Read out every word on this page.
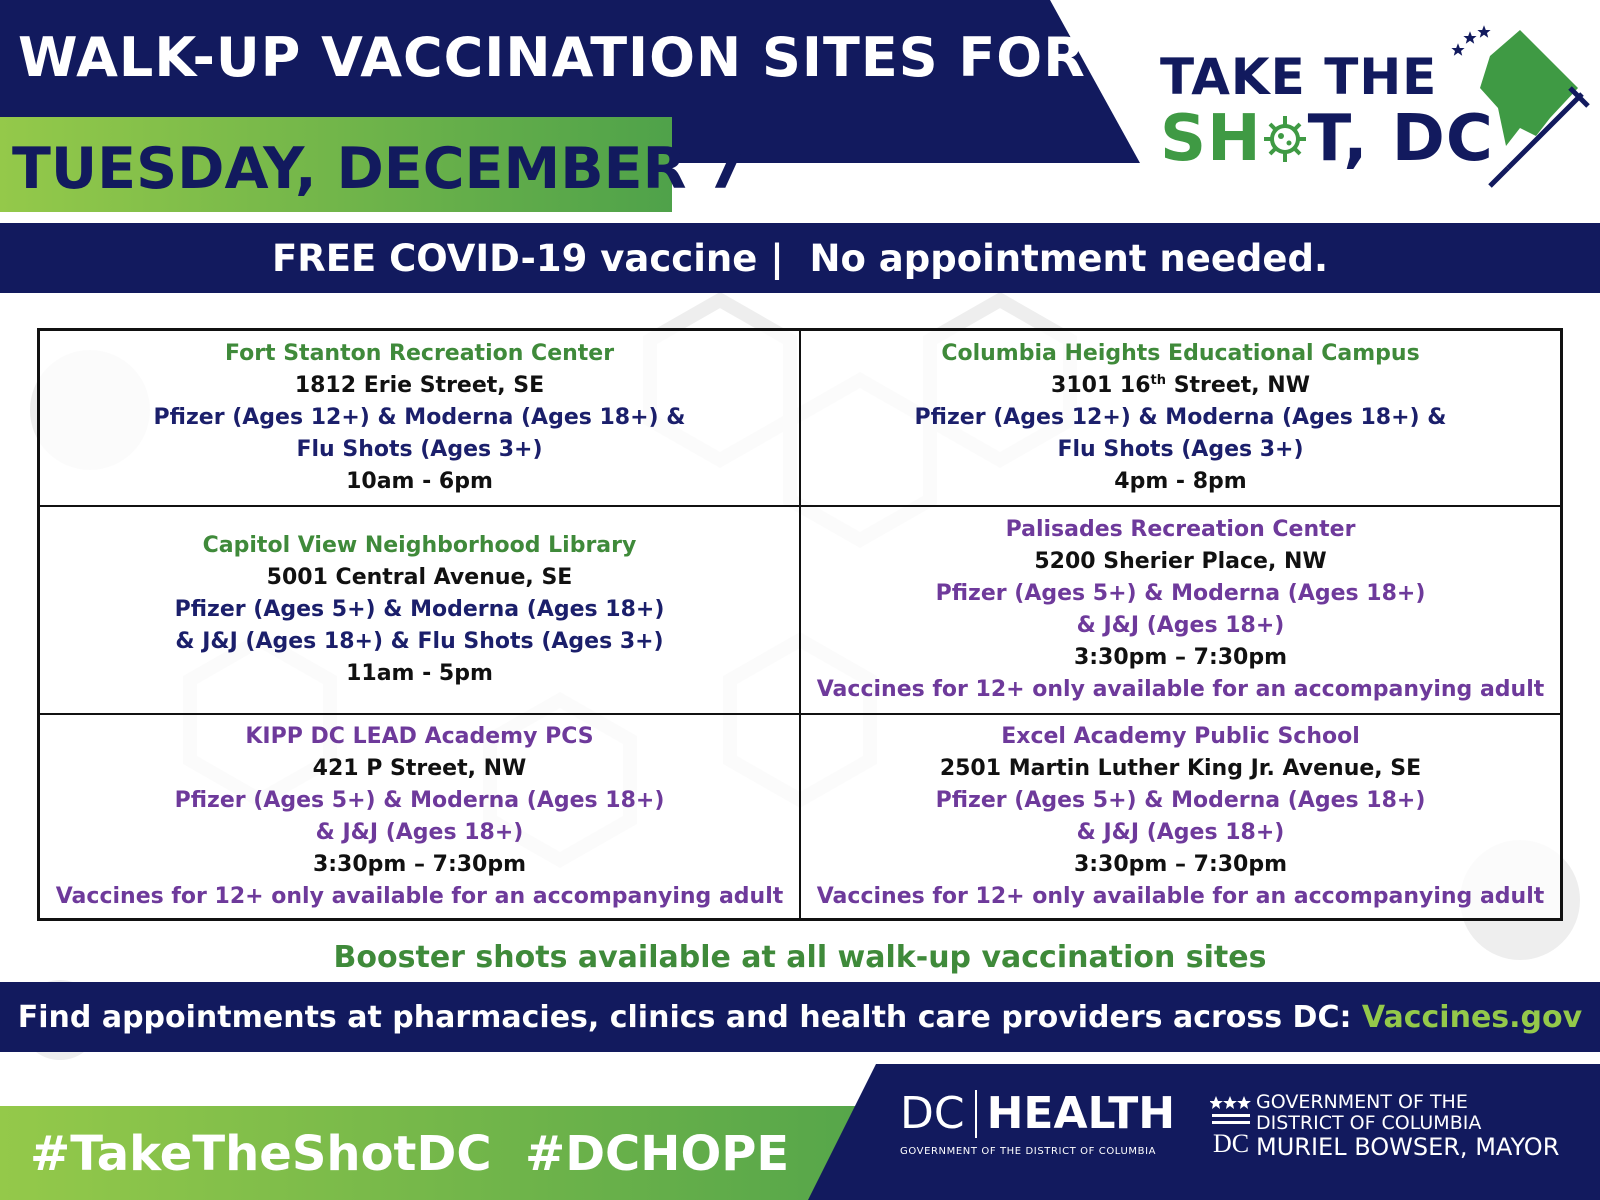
WALK-UP VACCINATION SITES FOR
TUESDAY, DECEMBER 7
TAKE THE
SH T, DC
FREE COVID-19 vaccine |  No appointment needed.
Fort Stanton Recreation Center
1812 Erie Street, SE
Pfizer (Ages 12+) & Moderna (Ages 18+) &
Flu Shots (Ages 3+)
10am - 6pm
Columbia Heights Educational Campus
3101 16th Street, NW
Pfizer (Ages 12+) & Moderna (Ages 18+) &
Flu Shots (Ages 3+)
4pm - 8pm
Capitol View Neighborhood Library
5001 Central Avenue, SE
Pfizer (Ages 5+) & Moderna (Ages 18+)
& J&J (Ages 18+) & Flu Shots (Ages 3+)
11am - 5pm
Palisades Recreation Center
5200 Sherier Place, NW
Pfizer (Ages 5+) & Moderna (Ages 18+)
& J&J (Ages 18+)
3:30pm – 7:30pm
Vaccines for 12+ only available for an accompanying adult
KIPP DC LEAD Academy PCS
421 P Street, NW
Pfizer (Ages 5+) & Moderna (Ages 18+)
& J&J (Ages 18+)
3:30pm – 7:30pm
Vaccines for 12+ only available for an accompanying adult
Excel Academy Public School
2501 Martin Luther King Jr. Avenue, SE
Pfizer (Ages 5+) & Moderna (Ages 18+)
& J&J (Ages 18+)
3:30pm – 7:30pm
Vaccines for 12+ only available for an accompanying adult
Booster shots available at all walk-up vaccination sites
Find appointments at pharmacies, clinics and health care providers across DC: Vaccines.gov
#TakeTheShotDC  #DCHOPE
DC HEALTH
GOVERNMENT OF THE DISTRICT OF COLUMBIA	DC
GOVERNMENT OF THE
DISTRICT OF COLUMBIA
MURIEL BOWSER, MAYOR
